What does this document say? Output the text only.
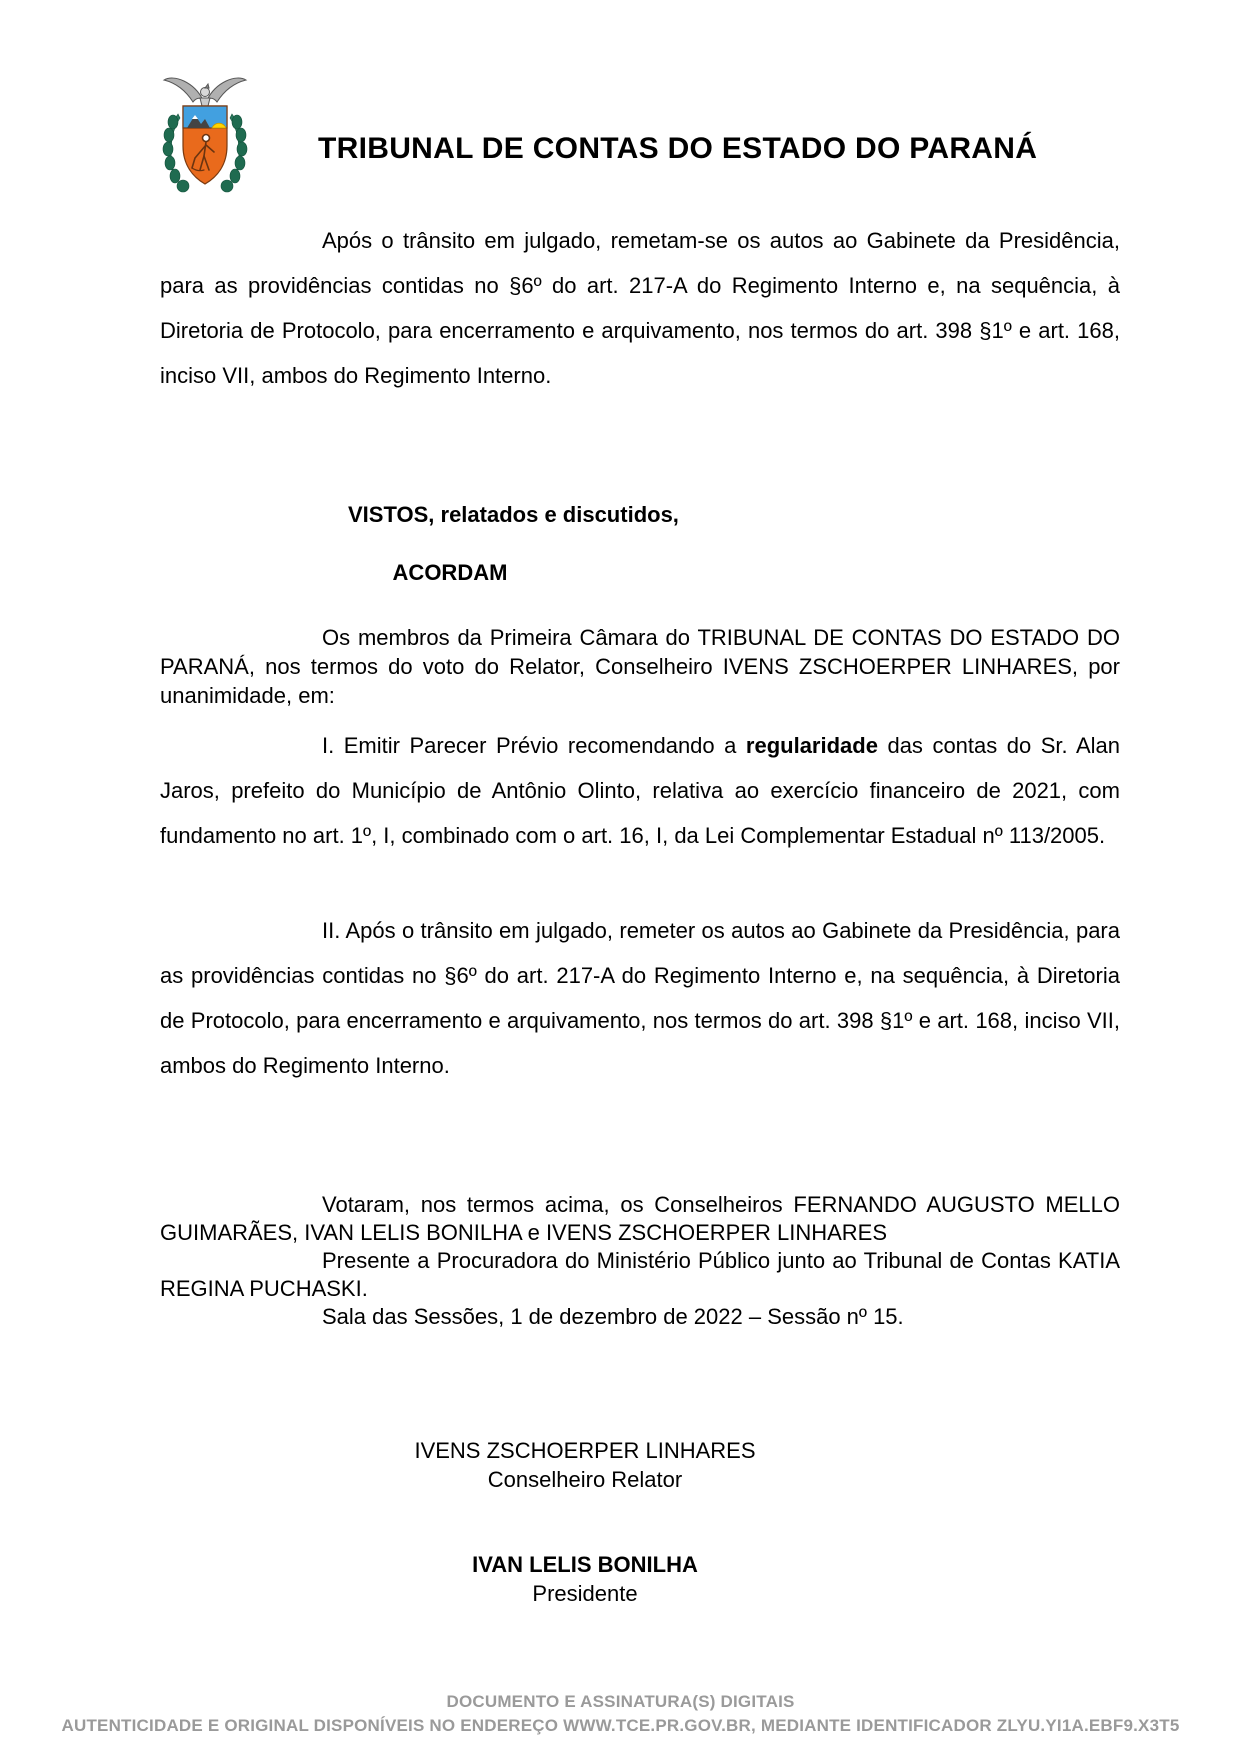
TRIBUNAL DE CONTAS DO ESTADO DO PARANÁ

Após o trânsito em julgado, remetam-se os autos ao Gabinete da Presidência, para as providências contidas no §6º do art. 217-A do Regimento Interno e, na sequência, à Diretoria de Protocolo, para encerramento e arquivamento, nos termos do art. 398 §1º e art. 168, inciso VII, ambos do Regimento Interno.

VISTOS, relatados e discutidos,

ACORDAM

Os membros da Primeira Câmara do TRIBUNAL DE CONTAS DO ESTADO DO PARANÁ, nos termos do voto do Relator, Conselheiro IVENS ZSCHOERPER LINHARES, por unanimidade, em:

I. Emitir Parecer Prévio recomendando a regularidade das contas do Sr. Alan Jaros, prefeito do Município de Antônio Olinto, relativa ao exercício financeiro de 2021, com fundamento no art. 1º, I, combinado com o art. 16, I, da Lei Complementar Estadual nº 113/2005.

II. Após o trânsito em julgado, remeter os autos ao Gabinete da Presidência, para as providências contidas no §6º do art. 217-A do Regimento Interno e, na sequência, à Diretoria de Protocolo, para encerramento e arquivamento, nos termos do art. 398 §1º e art. 168, inciso VII, ambos do Regimento Interno.

Votaram, nos termos acima, os Conselheiros FERNANDO AUGUSTO MELLO GUIMARÃES, IVAN LELIS BONILHA e IVENS ZSCHOERPER LINHARES

Presente a Procuradora do Ministério Público junto ao Tribunal de Contas KATIA REGINA PUCHASKI.

Sala das Sessões, 1 de dezembro de 2022 – Sessão nº 15.

IVENS ZSCHOERPER LINHARES

Conselheiro Relator

IVAN LELIS BONILHA

Presidente

DOCUMENTO E ASSINATURA(S) DIGITAIS

AUTENTICIDADE E ORIGINAL DISPONÍVEIS NO ENDEREÇO WWW.TCE.PR.GOV.BR, MEDIANTE IDENTIFICADOR ZLYU.YI1A.EBF9.X3T5
